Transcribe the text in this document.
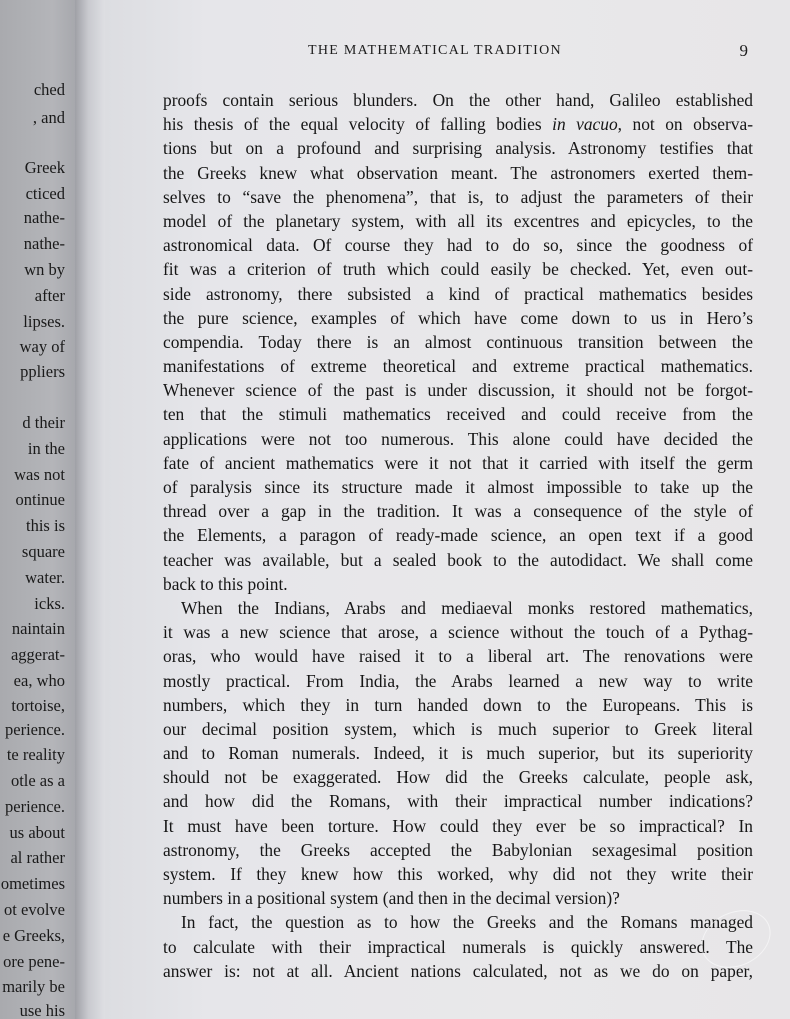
ched
, and
Greek
cticed
nathe-
nathe-
wn by
after
lipses.
way of
ppliers
d their
in the
was not
ontinue
this is
square
water.
icks.
naintain
aggerat-
ea, who
tortoise,
perience.
te reality
otle as a
perience.
us about
al rather
ometimes
ot evolve
e Greeks,
ore pene-
marily be
use his
THE MATHEMATICAL TRADITION	9
proofs contain serious blunders. On the other hand, Galileo established
his thesis of the equal velocity of falling bodies in vacuo, not on observa-
tions but on a profound and surprising analysis. Astronomy testifies that
the Greeks knew what observation meant. The astronomers exerted them-
selves to “save the phenomena”, that is, to adjust the parameters of their
model of the planetary system, with all its excentres and epicycles, to the
astronomical data. Of course they had to do so, since the goodness of
fit was a criterion of truth which could easily be checked. Yet, even out-
side astronomy, there subsisted a kind of practical mathematics besides
the pure science, examples of which have come down to us in Hero’s
compendia. Today there is an almost continuous transition between the
manifestations of extreme theoretical and extreme practical mathematics.
Whenever science of the past is under discussion, it should not be forgot-
ten that the stimuli mathematics received and could receive from the
applications were not too numerous. This alone could have decided the
fate of ancient mathematics were it not that it carried with itself the germ
of paralysis since its structure made it almost impossible to take up the
thread over a gap in the tradition. It was a consequence of the style of
the Elements, a paragon of ready-made science, an open text if a good
teacher was available, but a sealed book to the autodidact. We shall come
back to this point.
When the Indians, Arabs and mediaeval monks restored mathematics,
it was a new science that arose, a science without the touch of a Pythag-
oras, who would have raised it to a liberal art. The renovations were
mostly practical. From India, the Arabs learned a new way to write
numbers, which they in turn handed down to the Europeans. This is
our decimal position system, which is much superior to Greek literal
and to Roman numerals. Indeed, it is much superior, but its superiority
should not be exaggerated. How did the Greeks calculate, people ask,
and how did the Romans, with their impractical number indications?
It must have been torture. How could they ever be so impractical? In
astronomy, the Greeks accepted the Babylonian sexagesimal position
system. If they knew how this worked, why did not they write their
numbers in a positional system (and then in the decimal version)?
In fact, the question as to how the Greeks and the Romans managed
to calculate with their impractical numerals is quickly answered. The
answer is: not at all. Ancient nations calculated, not as we do on paper,
